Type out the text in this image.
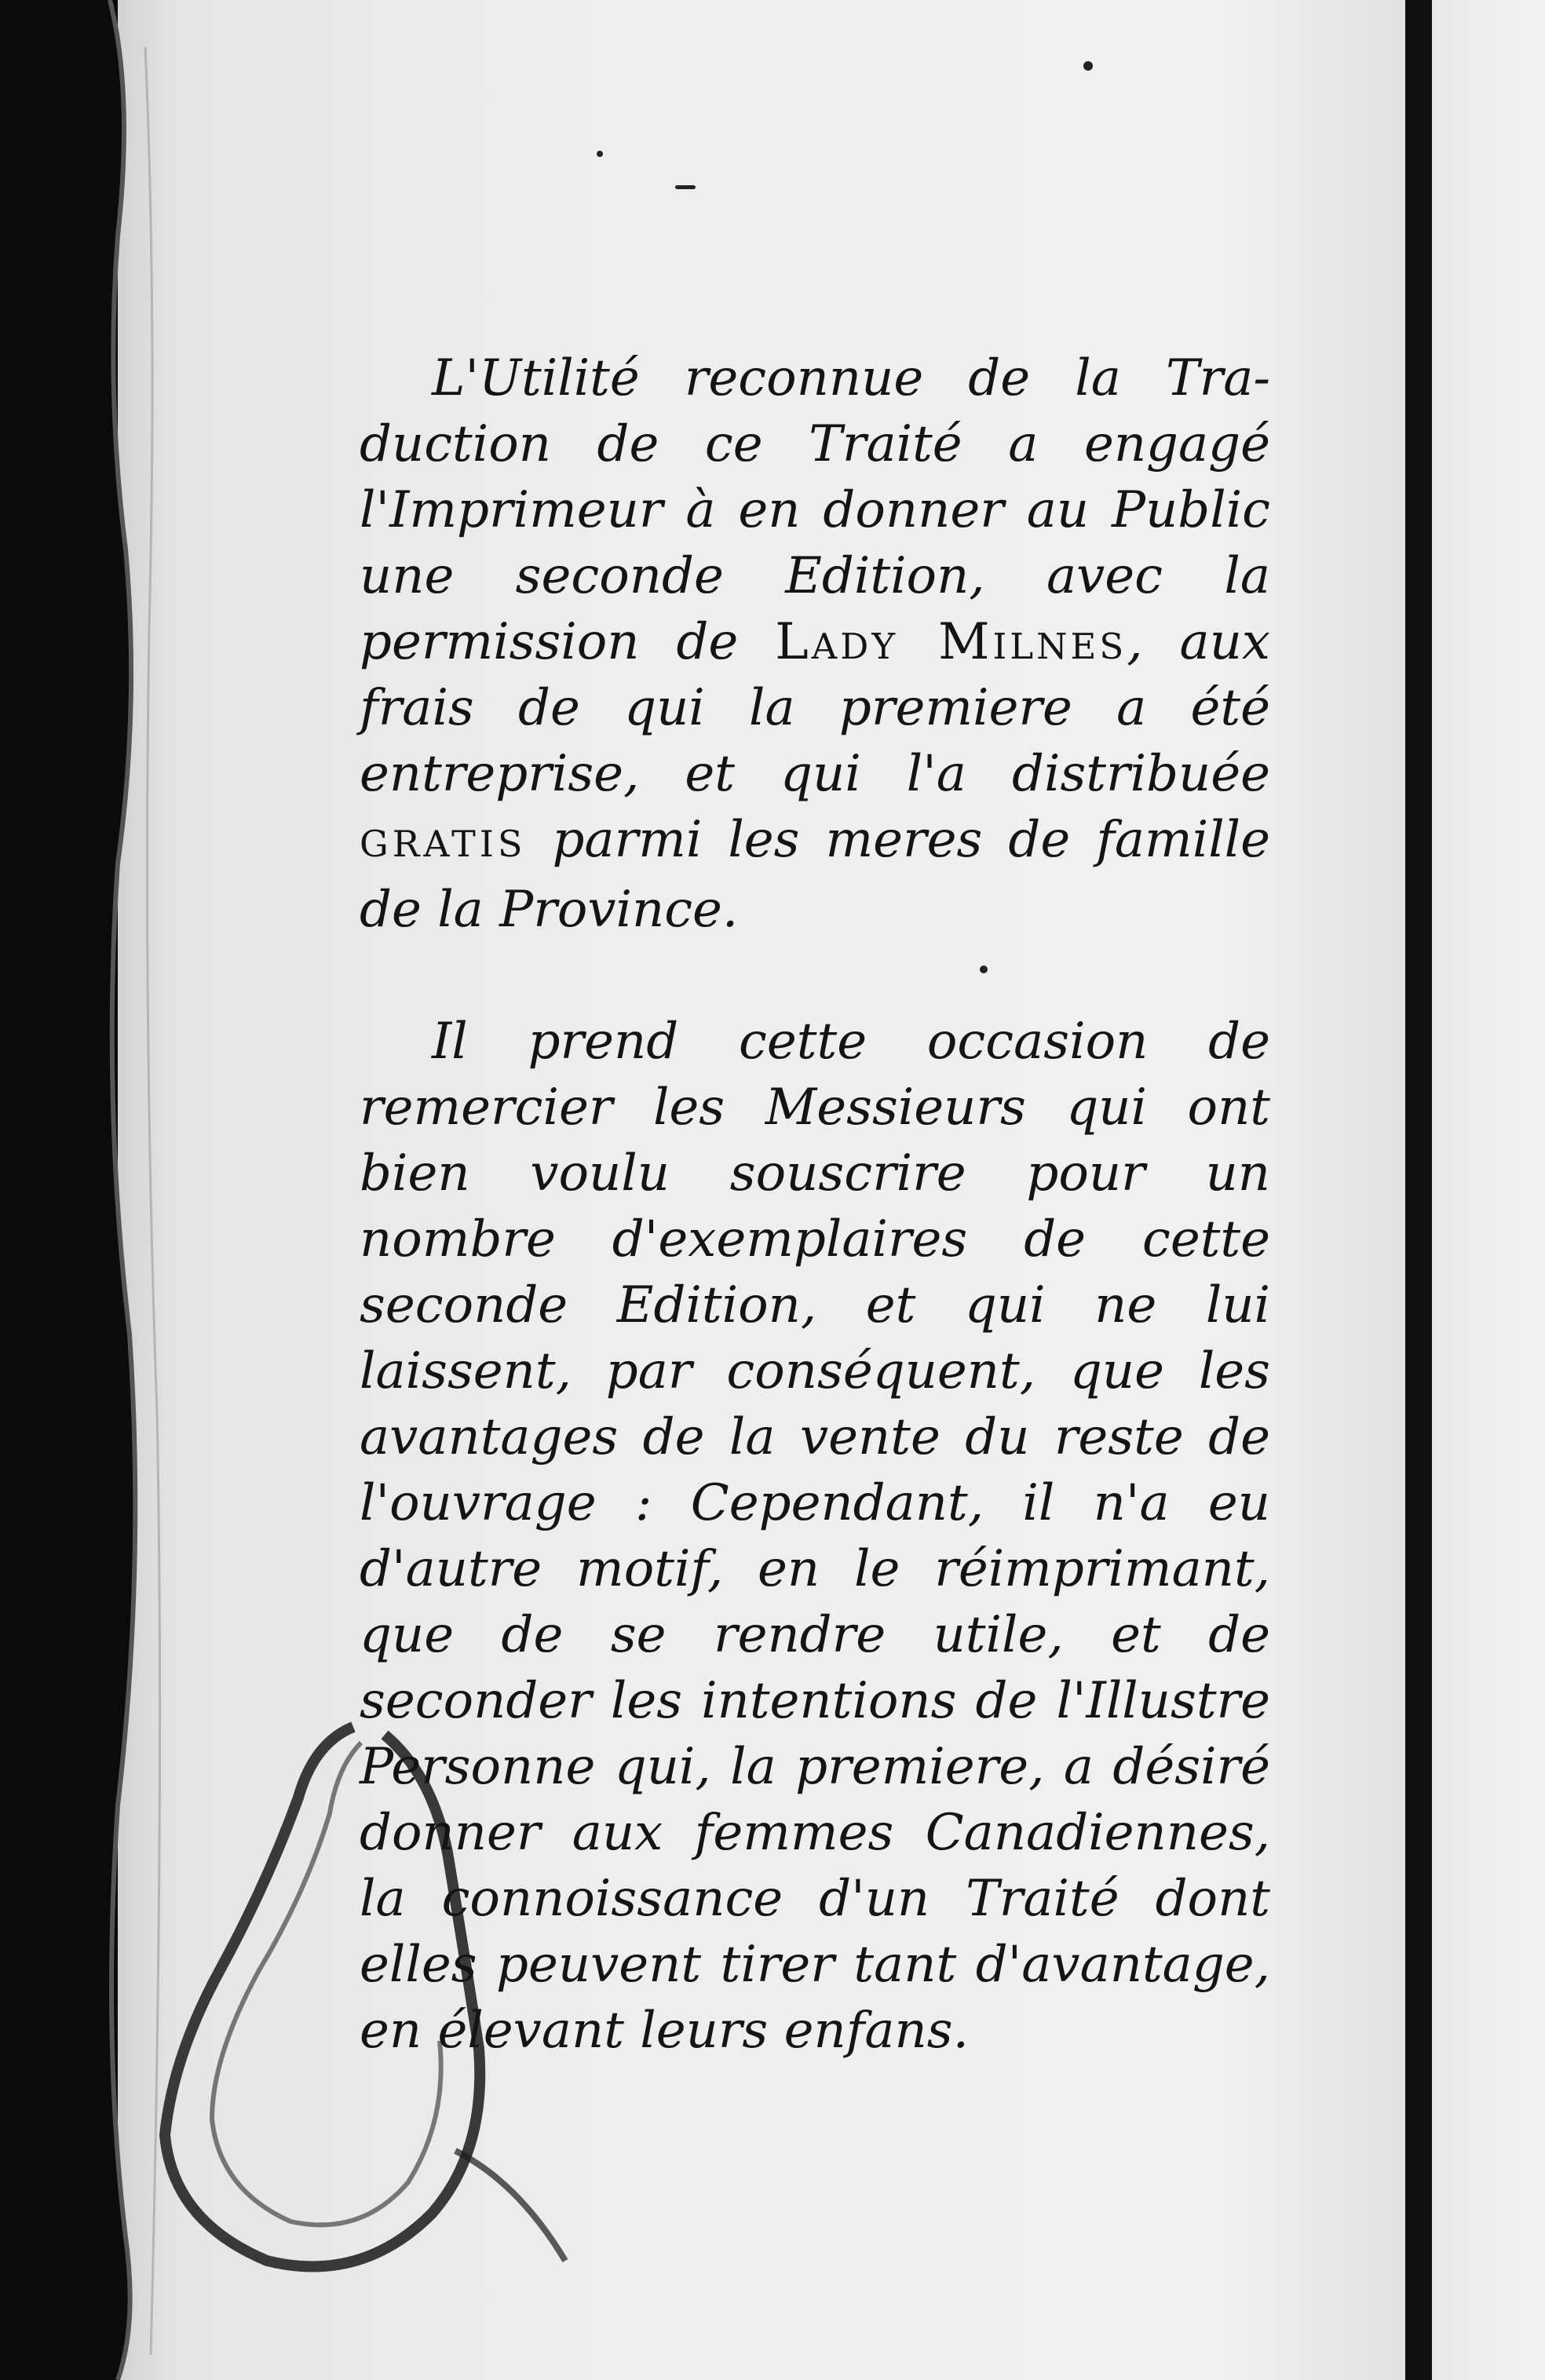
L'Utilité reconnue de la Traduction de ce Traité a engagé l'Imprimeur à en donner au Public une seconde Edition, avec la permission de Lady Milnes, aux frais de qui la premiere a été entreprise, et qui l'a distribuée GRATIS parmi les meres de famille de la Province.

Il prend cette occasion de remercier les Messieurs qui ont bien voulu souscrire pour un nombre d'exemplaires de cette seconde Edition, et qui ne lui laissent, par conséquent, que les avantages de la vente du reste de l'ouvrage : Cependant, il n'a eu d'autre motif, en le réimprimant, que de se rendre utile, et de seconder les intentions de l'Illustre Personne qui, la premiere, a désiré donner aux femmes Canadiennes, la connoissance d'un Traité dont elles peuvent tirer tant d'avantage, en élevant leurs enfans.
